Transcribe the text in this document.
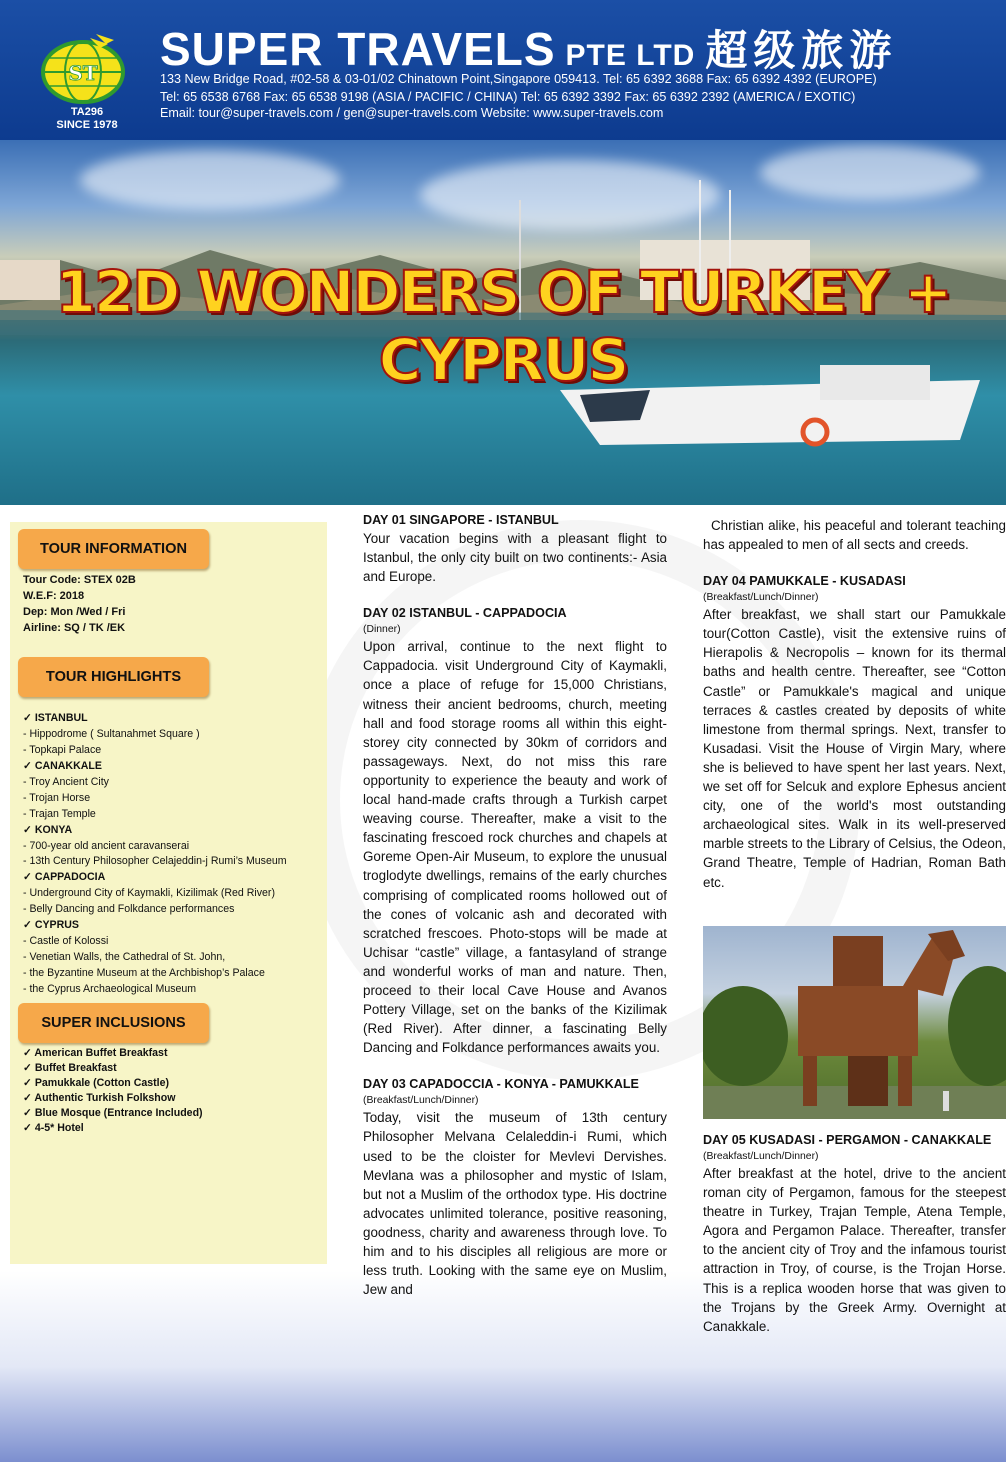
ST
TA296
SINCE 1978
SUPER TRAVELS PTE LTD 超级旅游
133 New Bridge Road, #02-58 & 03-01/02 Chinatown Point,Singapore 059413. Tel: 65 6392 3688 Fax: 65 6392 4392 (EUROPE)
Tel: 65 6538 6768 Fax: 65 6538 9198 (ASIA / PACIFIC / CHINA) Tel: 65 6392 3392 Fax: 65 6392 2392 (AMERICA / EXOTIC)
Email: tour@super-travels.com / gen@super-travels.com Website: www.super-travels.com
12D WONDERS OF TURKEY + CYPRUS
TOUR INFORMATION
Tour Code: STEX 02B
W.E.F: 2018
Dep: Mon /Wed / Fri
Airline: SQ / TK /EK
TOUR HIGHLIGHTS
✓ ISTANBUL
- Hippodrome ( Sultanahmet Square )
- Topkapi Palace
✓ CANAKKALE
- Troy Ancient City
- Trojan Horse
- Trajan Temple
✓ KONYA
- 700-year old ancient caravanserai
- 13th Century Philosopher Celajeddin-j Rumi’s Museum
✓ CAPPADOCIA
- Underground City of Kaymakli, Kizilimak (Red River)
- Belly Dancing and Folkdance performances
✓ CYPRUS
- Castle of Kolossi
- Venetian Walls, the Cathedral of St. John,
- the Byzantine Museum at the Archbishop’s Palace
- the Cyprus Archaeological Museum
SUPER INCLUSIONS
✓ American Buffet Breakfast
✓ Buffet Breakfast
✓ Pamukkale (Cotton Castle)
✓ Authentic Turkish Folkshow
✓ Blue Mosque (Entrance Included)
✓ 4-5* Hotel
DAY 01 SINGAPORE - ISTANBUL

Your vacation begins with a pleasant flight to Istanbul, the only city built on two continents:- Asia and Europe.

DAY 02 ISTANBUL - CAPPADOCIA
(Dinner)

Upon arrival, continue to the next flight to Cappadocia. visit Underground City of Kaymakli, once a place of refuge for 15,000 Christians, witness their ancient bedrooms, church, meeting hall and food storage rooms all within this eight-storey city connected by 30km of corridors and passageways. Next, do not miss this rare opportunity to experience the beauty and work of local hand-made crafts through a Turkish carpet weaving course. Thereafter, make a visit to the fascinating frescoed rock churches and chapels at Goreme Open-Air Museum, to explore the unusual troglodyte dwellings, remains of the early churches comprising of complicated rooms hollowed out of the cones of volcanic ash and decorated with scratched frescoes. Photo-stops will be made at Uchisar “castle” village, a fantasyland of strange and wonderful works of man and nature. Then, proceed to their local Cave House and Avanos Pottery Village, set on the banks of the Kizilimak (Red River). After dinner, a fascinating Belly Dancing and Folkdance performances awaits you.

DAY 03 CAPADOCCIA - KONYA - PAMUKKALE
(Breakfast/Lunch/Dinner)

Today, visit the museum of 13th century Philosopher Melvana Celaleddin-i Rumi, which used to be the cloister for Mevlevi Dervishes. Mevlana was a philosopher and mystic of Islam, but not a Muslim of the orthodox type. His doctrine advocates unlimited tolerance, positive reasoning, goodness, charity and awareness through love. To him and to his disciples all religious are more or less truth. Looking with the same eye on Muslim, Jew and

Christian alike, his peaceful and tolerant teaching has appealed to men of all sects and creeds.

DAY 04 PAMUKKALE - KUSADASI
(Breakfast/Lunch/Dinner)

After breakfast, we shall start our Pamukkale tour(Cotton Castle), visit the extensive ruins of Hierapolis & Necropolis – known for its thermal baths and health centre. Thereafter, see “Cotton Castle” or Pamukkale's magical and unique terraces & castles created by deposits of white limestone from thermal springs. Next, transfer to Kusadasi. Visit the House of Virgin Mary, where she is believed to have spent her last years. Next, we set off for Selcuk and explore Ephesus ancient city, one of the world's most outstanding archaeological sites. Walk in its well-preserved marble streets to the Library of Celsius, the Odeon, Grand Theatre, Temple of Hadrian, Roman Bath etc.

DAY 05 KUSADASI - PERGAMON - CANAKKALE
(Breakfast/Lunch/Dinner)

After breakfast at the hotel, drive to the ancient roman city of Pergamon, famous for the steepest theatre in Turkey, Trajan Temple, Atena Temple, Agora and Pergamon Palace. Thereafter, transfer to the ancient city of Troy and the infamous tourist attraction in Troy, of course, is the Trojan Horse. This is a replica wooden horse that was given to the Trojans by the Greek Army. Overnight at Canakkale.
